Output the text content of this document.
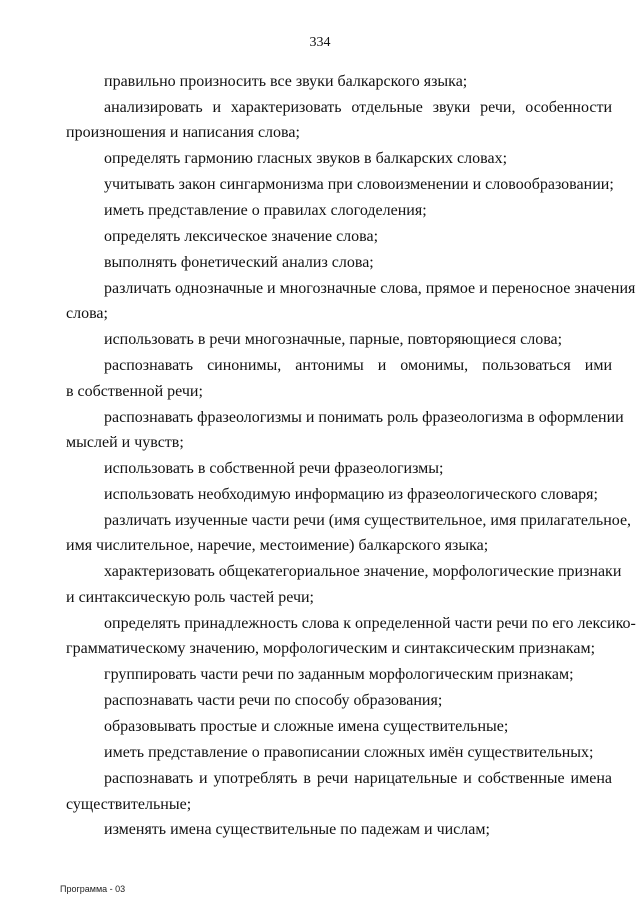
334
правильно произносить все звуки балкарского языка;
анализировать и характеризовать отдельные звуки речи, особенности
произношения и написания слова;
определять гармонию гласных звуков в балкарских словах;
учитывать закон сингармонизма при словоизменении и словообразовании;
иметь представление о правилах слогоделения;
определять лексическое значение слова;
выполнять фонетический анализ слова;
различать однозначные и многозначные слова, прямое и переносное значения
слова;
использовать в речи многозначные, парные, повторяющиеся слова;
распознавать синонимы, антонимы и омонимы, пользоваться ими
в собственной речи;
распознавать фразеологизмы и понимать роль фразеологизма в оформлении
мыслей и чувств;
использовать в собственной речи фразеологизмы;
использовать необходимую информацию из фразеологического словаря;
различать изученные части речи (имя существительное, имя прилагательное,
имя числительное, наречие, местоимение) балкарского языка;
характеризовать общекатегориальное значение, морфологические признаки
и синтаксическую роль частей речи;
определять принадлежность слова к определенной части речи по его лексико-
грамматическому значению, морфологическим и синтаксическим признакам;
группировать части речи по заданным морфологическим признакам;
распознавать части речи по способу образования;
образовывать простые и сложные имена существительные;
иметь представление о правописании сложных имён существительных;
распознавать и употреблять в речи нарицательные и собственные имена
существительные;
изменять имена существительные по падежам и числам;
Программа - 03
